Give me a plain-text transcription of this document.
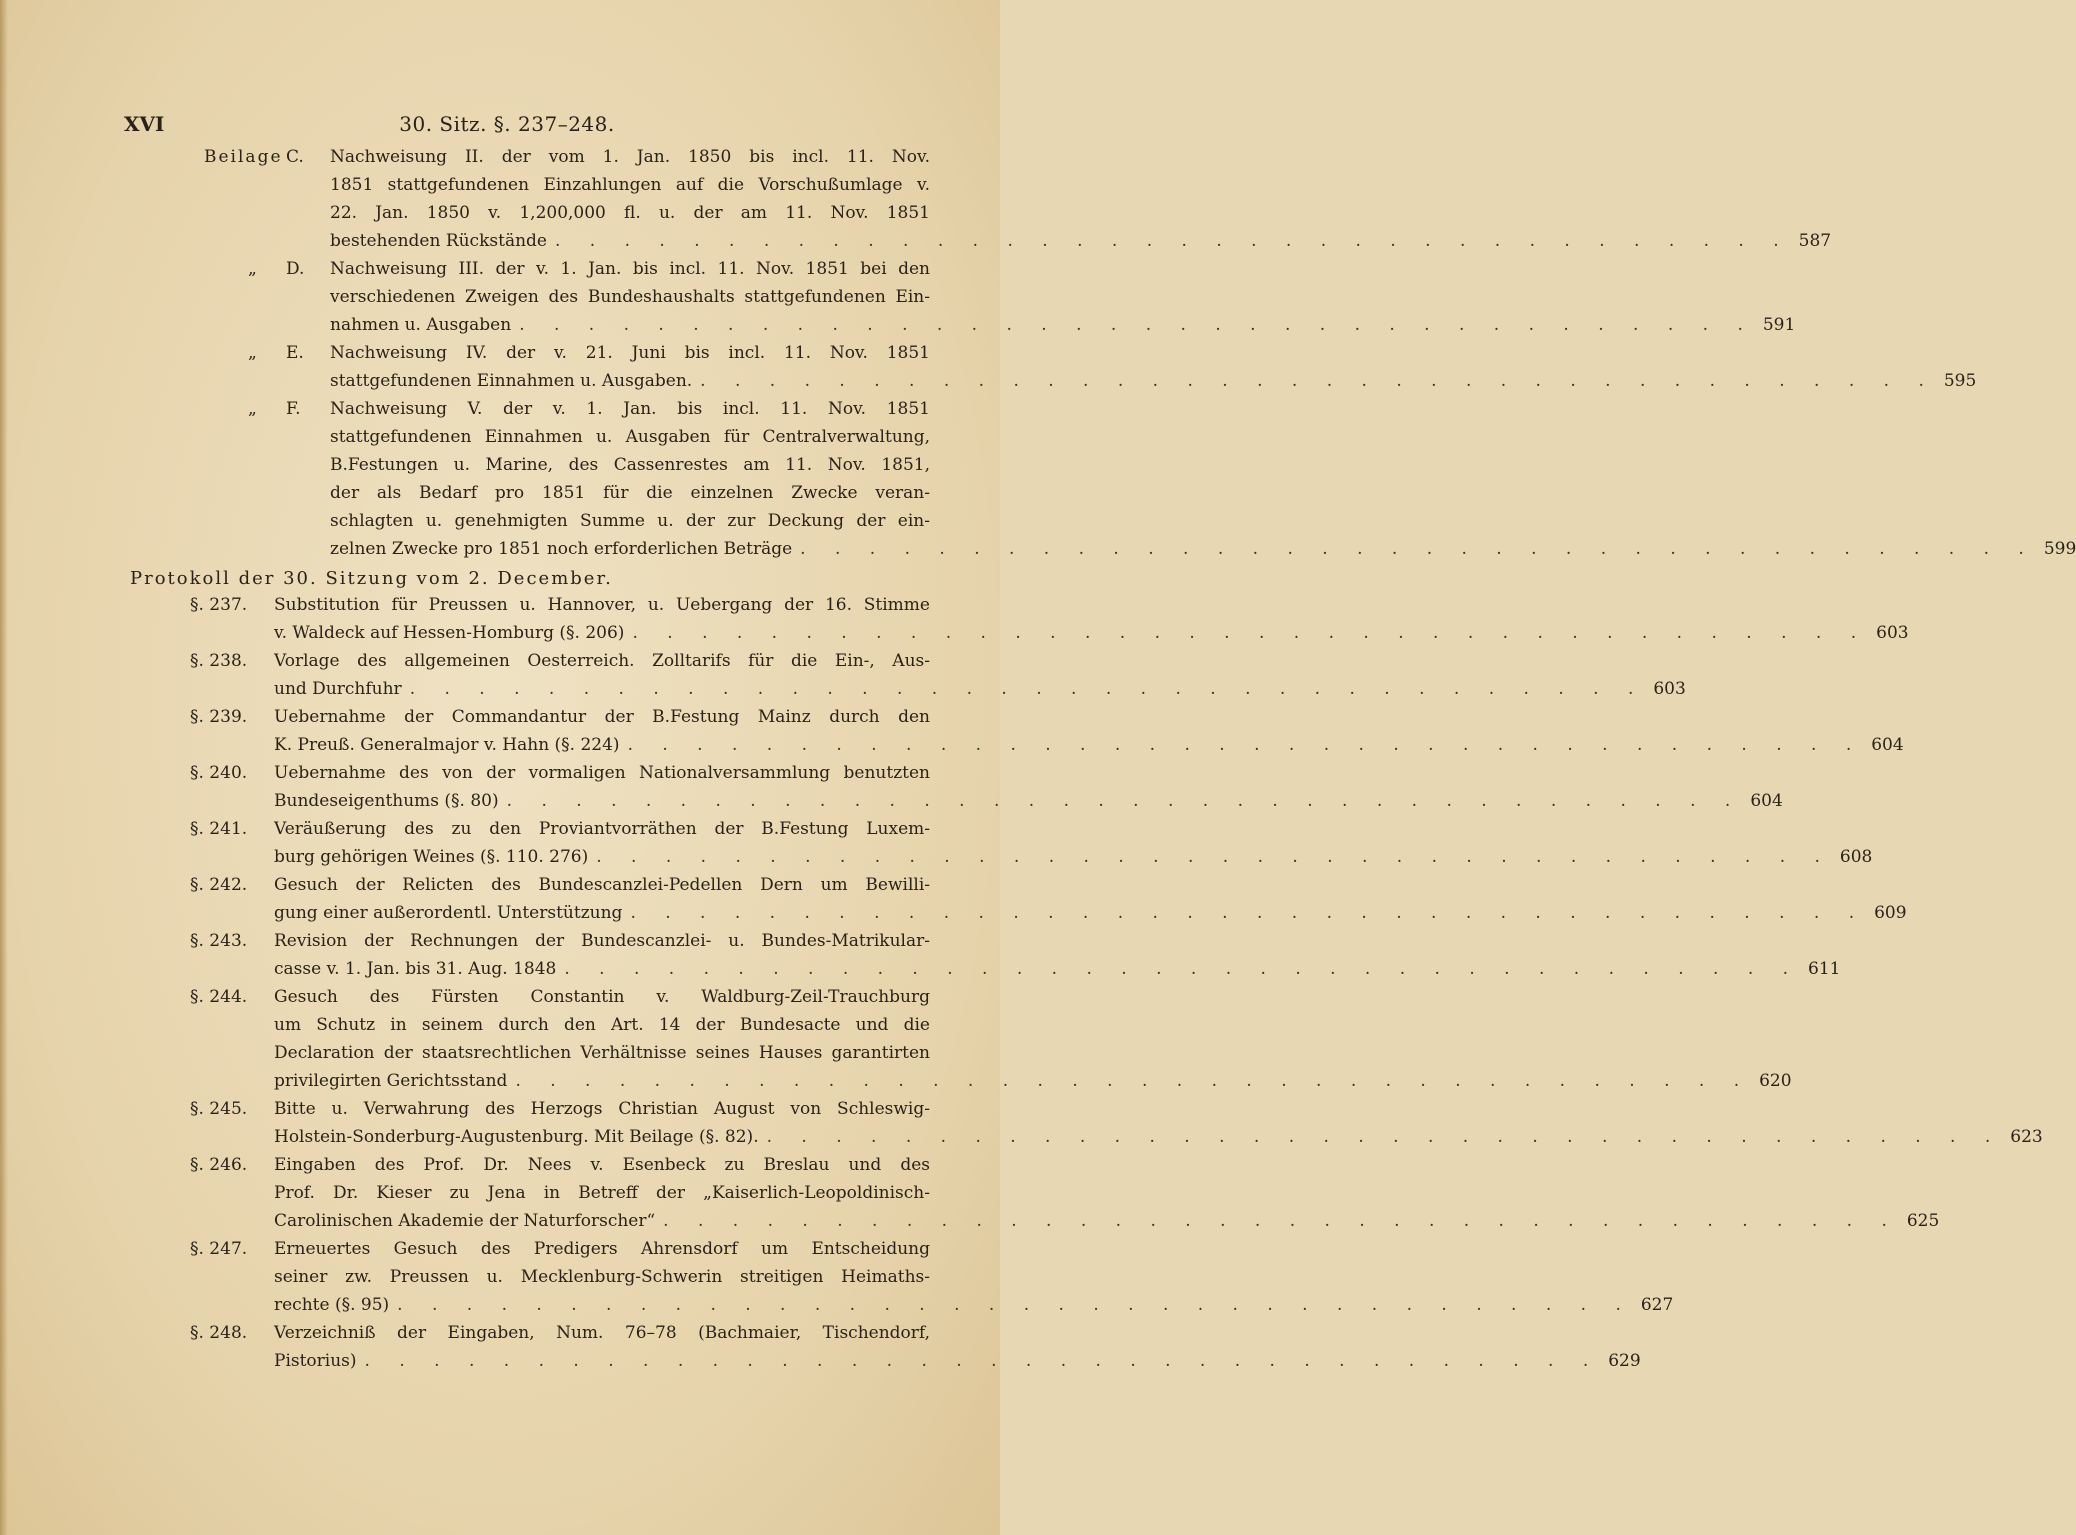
XVI	30. Sitz. §. 237–248.
Beilage C. Nachweisung II. der vom 1. Jan. 1850 bis incl. 11. Nov.
1851 stattgefundenen Einzahlungen auf die Vorschußumlage v.
22. Jan. 1850 v. 1,200,000 fl. u. der am 11. Nov. 1851
bestehenden Rückstände . . . . . . . . . . . . . . . . . . . . . . . . . . . . . . . . . . . . 587
„ D. Nachweisung III. der v. 1. Jan. bis incl. 11. Nov. 1851 bei den
verschiedenen Zweigen des Bundeshaushalts stattgefundenen Ein-
nahmen u. Ausgaben . . . . . . . . . . . . . . . . . . . . . . . . . . . . . . . . . . . . 591
„ E. Nachweisung IV. der v. 21. Juni bis incl. 11. Nov. 1851
stattgefundenen Einnahmen u. Ausgaben. . . . . . . . . . . . . . . . . . . . . . . . . . . . . . . . . . . . . 595
„ F. Nachweisung V. der v. 1. Jan. bis incl. 11. Nov. 1851
stattgefundenen Einnahmen u. Ausgaben für Centralverwaltung,
B.Festungen u. Marine, des Cassenrestes am 11. Nov. 1851,
der als Bedarf pro 1851 für die einzelnen Zwecke veran-
schlagten u. genehmigten Summe u. der zur Deckung der ein-
zelnen Zwecke pro 1851 noch erforderlichen Beträge . . . . . . . . . . . . . . . . . . . . . . . . . . . . . . . . . . . . 599
Protokoll der 30. Sitzung vom 2. December.
§. 237.	Substitution für Preussen u. Hannover, u. Uebergang der 16. Stimme
v. Waldeck auf Hessen-Homburg (§. 206) . . . . . . . . . . . . . . . . . . . . . . . . . . . . . . . . . . . . 603
§. 238.	Vorlage des allgemeinen Oesterreich. Zolltarifs für die Ein-, Aus-
und Durchfuhr . . . . . . . . . . . . . . . . . . . . . . . . . . . . . . . . . . . . 603
§. 239.	Uebernahme der Commandantur der B.Festung Mainz durch den
K. Preuß. Generalmajor v. Hahn (§. 224) . . . . . . . . . . . . . . . . . . . . . . . . . . . . . . . . . . . . 604
§. 240.	Uebernahme des von der vormaligen Nationalversammlung benutzten
Bundeseigenthums (§. 80) . . . . . . . . . . . . . . . . . . . . . . . . . . . . . . . . . . . . 604
§. 241.	Veräußerung des zu den Proviantvorräthen der B.Festung Luxem-
burg gehörigen Weines (§. 110. 276) . . . . . . . . . . . . . . . . . . . . . . . . . . . . . . . . . . . . 608
§. 242.	Gesuch der Relicten des Bundescanzlei-Pedellen Dern um Bewilli-
gung einer außerordentl. Unterstützung . . . . . . . . . . . . . . . . . . . . . . . . . . . . . . . . . . . . 609
§. 243.	Revision der Rechnungen der Bundescanzlei- u. Bundes-Matrikular-
casse v. 1. Jan. bis 31. Aug. 1848 . . . . . . . . . . . . . . . . . . . . . . . . . . . . . . . . . . . . 611
§. 244.	Gesuch des Fürsten Constantin v. Waldburg-Zeil-Trauchburg
um Schutz in seinem durch den Art. 14 der Bundesacte und die
Declaration der staatsrechtlichen Verhältnisse seines Hauses garantirten
privilegirten Gerichtsstand . . . . . . . . . . . . . . . . . . . . . . . . . . . . . . . . . . . . 620
§. 245.	Bitte u. Verwahrung des Herzogs Christian August von Schleswig-
Holstein-Sonderburg-Augustenburg. Mit Beilage (§. 82). . . . . . . . . . . . . . . . . . . . . . . . . . . . . . . . . . . . . 623
§. 246.	Eingaben des Prof. Dr. Nees v. Esenbeck zu Breslau und des
Prof. Dr. Kieser zu Jena in Betreff der „Kaiserlich-Leopoldinisch-
Carolinischen Akademie der Naturforscher“ . . . . . . . . . . . . . . . . . . . . . . . . . . . . . . . . . . . . 625
§. 247.	Erneuertes Gesuch des Predigers Ahrensdorf um Entscheidung
seiner zw. Preussen u. Mecklenburg-Schwerin streitigen Heimaths-
rechte (§. 95) . . . . . . . . . . . . . . . . . . . . . . . . . . . . . . . . . . . . 627
§. 248.	Verzeichniß der Eingaben, Num. 76–78 (Bachmaier, Tischendorf,
Pistorius) . . . . . . . . . . . . . . . . . . . . . . . . . . . . . . . . . . . . 629
